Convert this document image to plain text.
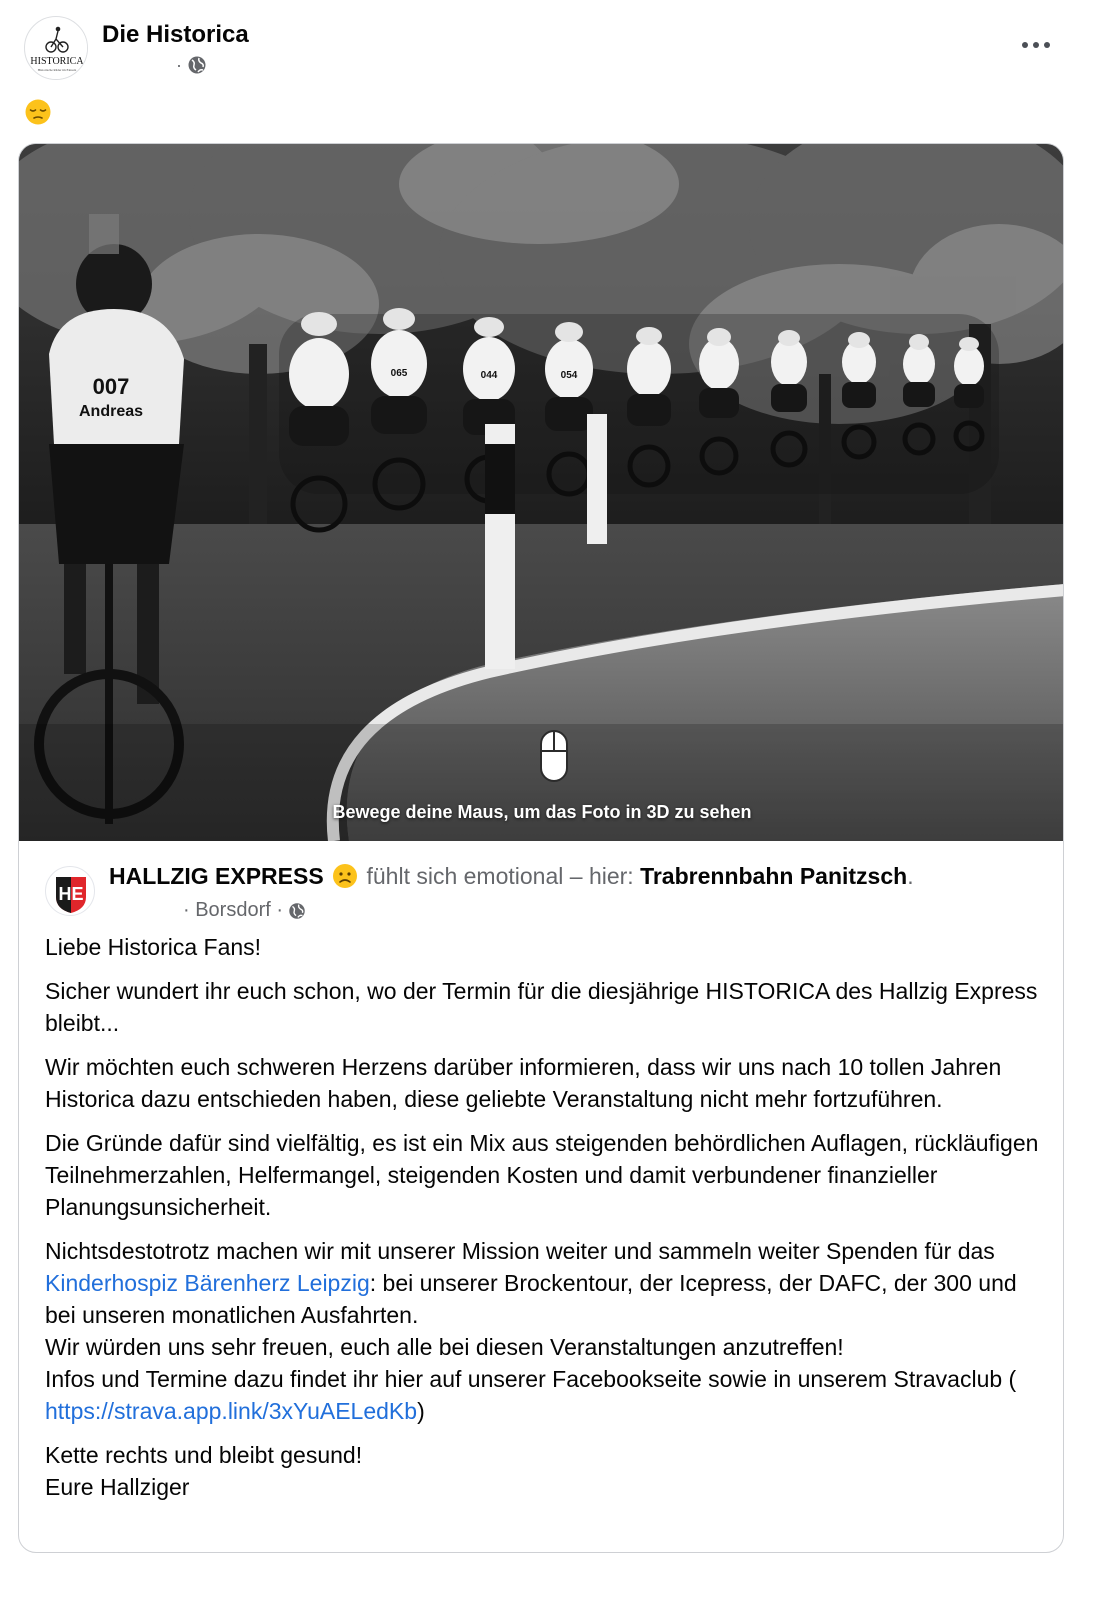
HISTORICA
Historische Räder im Einsatz
Die Historica
·
065	044	054
007
Andreas
Bewege deine Maus, um das Foto in 3D zu sehen
HE
HALLZIG EXPRESS fühlt sich emotional – hier: Trabrennbahn Panitzsch.
· Borsdorf ·

Liebe Historica Fans!

Sicher wundert ihr euch schon, wo der Termin für die diesjährige HISTORICA des Hallzig Express bleibt...

Wir möchten euch schweren Herzens darüber informieren, dass wir uns nach 10 tollen Jahren Historica dazu entschieden haben, diese geliebte Veranstaltung nicht mehr fortzuführen.

Die Gründe dafür sind vielfältig, es ist ein Mix aus steigenden behördlichen Auflagen, rückläufigen Teilnehmerzahlen, Helfermangel, steigenden Kosten und damit verbundener finanzieller Planungsunsicherheit.

Nichtsdestotrotz machen wir mit unserer Mission weiter und sammeln weiter Spenden für das Kinderhospiz Bärenherz Leipzig: bei unserer Brockentour, der Icepress, der DAFC, der 300 und bei unseren monatlichen Ausfahrten.
Wir würden uns sehr freuen, euch alle bei diesen Veranstaltungen anzutreffen!
Infos und Termine dazu findet ihr hier auf unserer Facebookseite sowie in unserem Stravaclub ( https://strava.app.link/3xYuAELedKb)

Kette rechts und bleibt gesund!
Eure Hallziger
